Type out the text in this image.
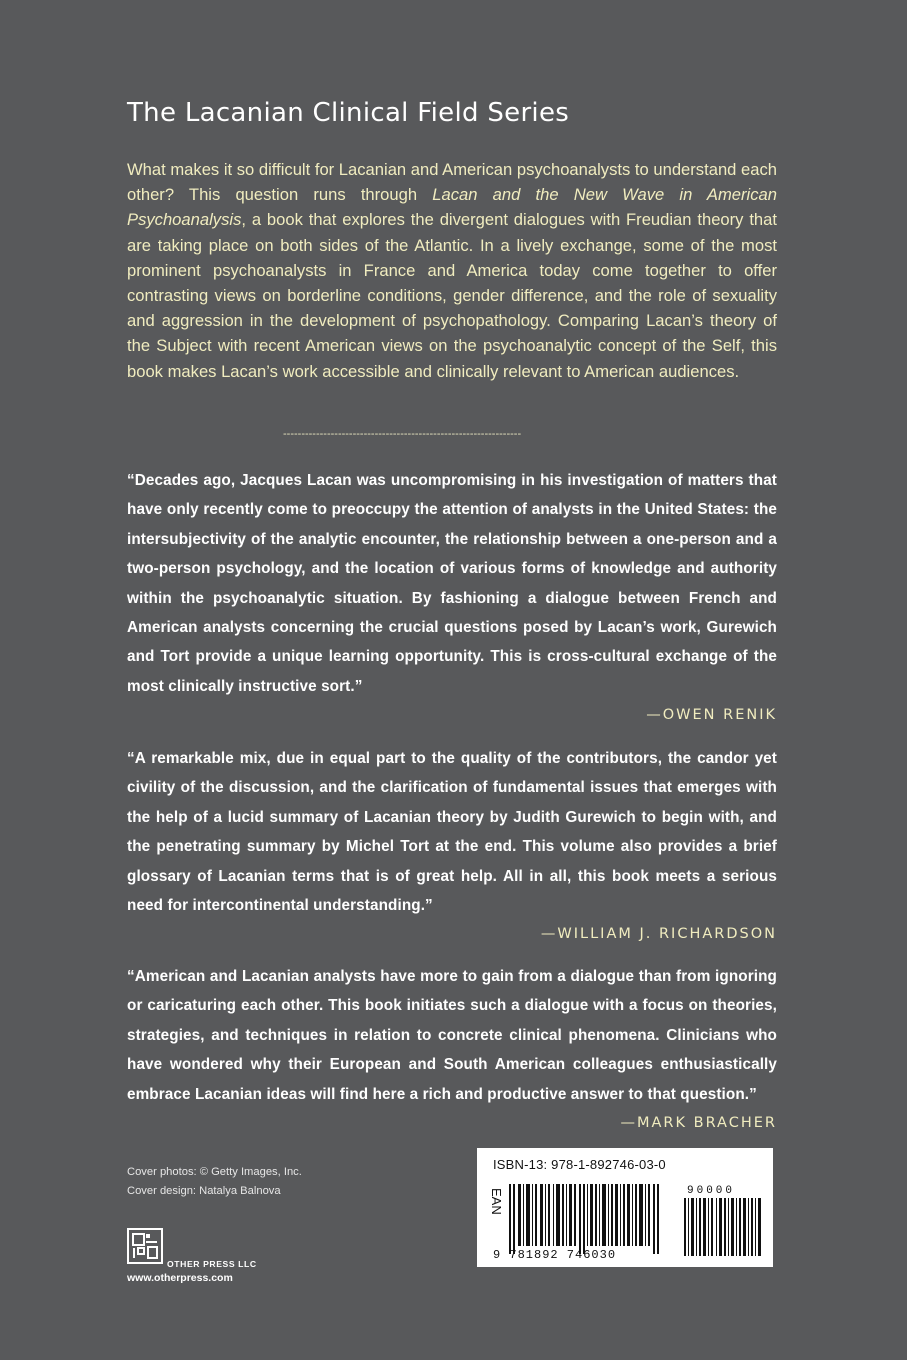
The Lacanian Clinical Field Series
What makes it so difficult for Lacanian and American psychoanalysts to understand each other? This question runs through Lacan and the New Wave in American Psychoanalysis, a book that explores the divergent dialogues with Freudian theory that are taking place on both sides of the Atlantic. In a lively exchange, some of the most prominent psychoanalysts in France and America today come together to offer contrasting views on borderline conditions, gender difference, and the role of sexuality and aggression in the development of psychopathology. Comparing Lacan’s theory of the Subject with recent American views on the psychoanalytic concept of the Self, this book makes Lacan’s work accessible and clinically relevant to American audiences.
-----------------------------------------------------------------
“Decades ago, Jacques Lacan was uncompromising in his investigation of matters that have only recently come to preoccupy the attention of analysts in the United States: the intersubjectivity of the analytic encounter, the relationship between a one-person and a two-person psychology, and the location of various forms of knowledge and authority within the psychoanalytic situation. By fashioning a dialogue between French and American analysts concerning the crucial questions posed by Lacan’s work, Gurewich and Tort provide a unique learning opportunity. This is cross-cultural exchange of the most clinically instructive sort.”
—OWEN RENIK
“A remarkable mix, due in equal part to the quality of the contributors, the candor yet civility of the discussion, and the clarification of fundamental issues that emerges with the help of a lucid summary of Lacanian theory by Judith Gurewich to begin with, and the penetrating summary by Michel Tort at the end. This volume also provides a brief glossary of Lacanian terms that is of great help. All in all, this book meets a serious need for intercontinental understanding.”
—WILLIAM J. RICHARDSON
“American and Lacanian analysts have more to gain from a dialogue than from ignoring or caricaturing each other. This book initiates such a dialogue with a focus on theories, strategies, and techniques in relation to concrete clinical phenomena. Clinicians who have wondered why their European and South American colleagues enthusiastically embrace Lacanian ideas will find here a rich and productive answer to that question.”
—MARK BRACHER
Cover photos: © Getty Images, Inc.
Cover design: Natalya Balnova
OTHER PRESS LLC
www.otherpress.com
ISBN-13: 978-1-892746-03-0
EAN
9 781892 746030
90000
